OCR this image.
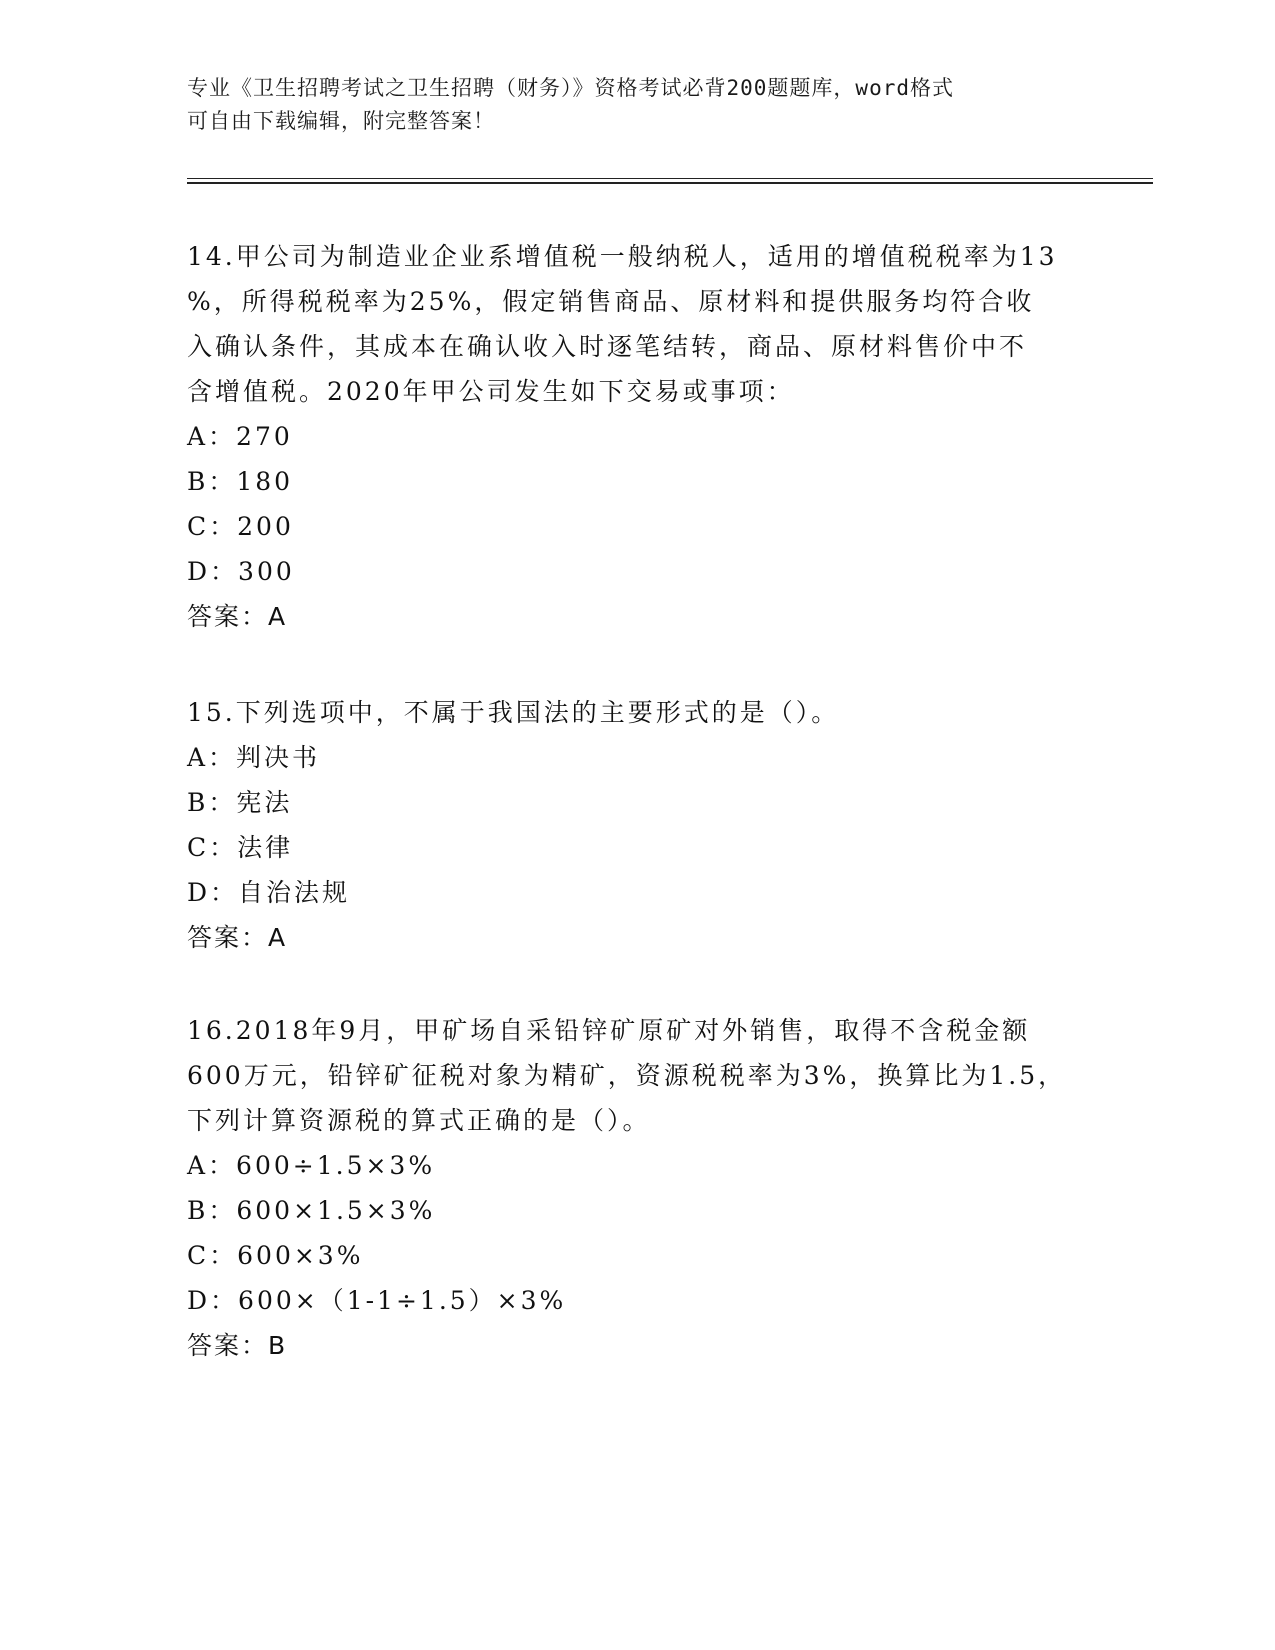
专业《卫生招聘考试之卫生招聘（财务）》资格考试必背200题题库，word格式
可自由下载编辑，附完整答案！

14.甲公司为制造业企业系增值税一般纳税人，适用的增值税税率为13

%，所得税税率为25%，假定销售商品、原材料和提供服务均符合收

入确认条件，其成本在确认收入时逐笔结转，商品、原材料售价中不

含增值税。2020年甲公司发生如下交易或事项：

A：270

B：180

C：200

D：300

答案：A

15.下列选项中，不属于我国法的主要形式的是（）。

A：判决书

B：宪法

C：法律

D：自治法规

答案：A

16.2018年9月，甲矿场自采铅锌矿原矿对外销售，取得不含税金额

600万元，铅锌矿征税对象为精矿，资源税税率为3%，换算比为1.5，

下列计算资源税的算式正确的是（）。

A：600÷1.5×3%

B：600×1.5×3%

C：600×3%

D：600×（1-1÷1.5）×3%

答案：B
